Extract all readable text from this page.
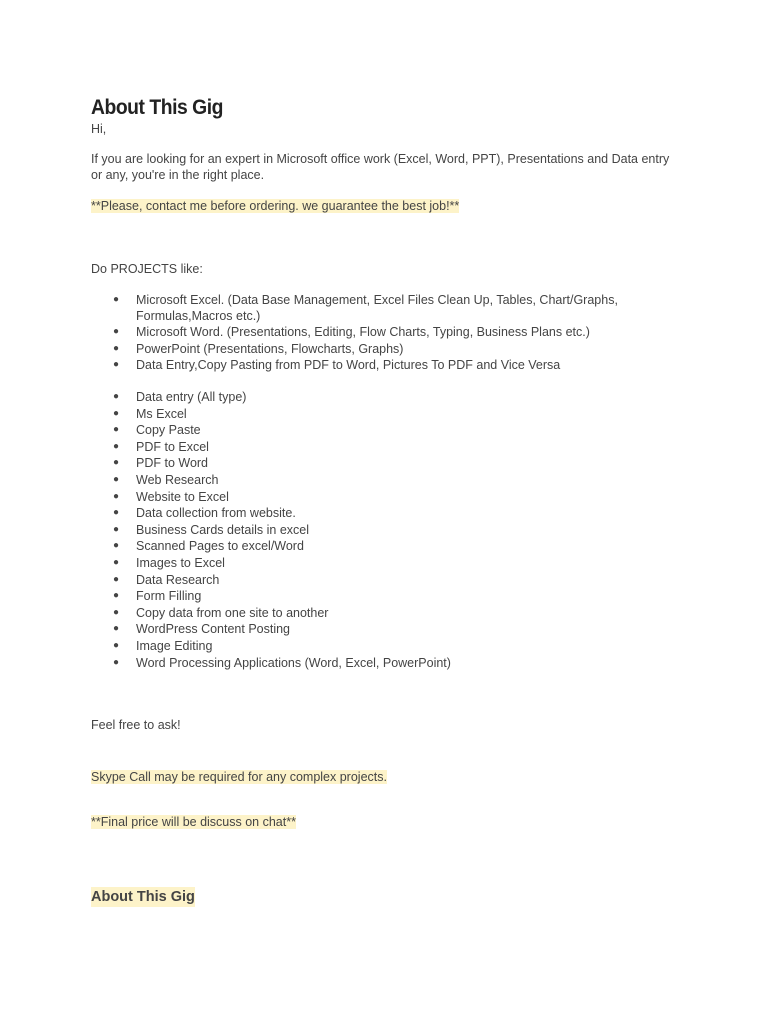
About This Gig

Hi,

If you are looking for an expert in Microsoft office work (Excel, Word, PPT), Presentations and Data entry or any, you're in the right place.

**Please, contact me before ordering. we guarantee the best job!**

Do PROJECTS like:

● Microsoft Excel. (Data Base Management, Excel Files Clean Up, Tables, Chart/Graphs, Formulas,Macros etc.)
● Microsoft Word. (Presentations, Editing, Flow Charts, Typing, Business Plans etc.)
● PowerPoint (Presentations, Flowcharts, Graphs)
● Data Entry,Copy Pasting from PDF to Word, Pictures To PDF and Vice Versa
● Data entry (All type)
● Ms Excel
● Copy Paste
● PDF to Excel
● PDF to Word
● Web Research
● Website to Excel
● Data collection from website.
● Business Cards details in excel
● Scanned Pages to excel/Word
● Images to Excel
● Data Research
● Form Filling
● Copy data from one site to another
● WordPress Content Posting
● Image Editing
● Word Processing Applications (Word, Excel, PowerPoint)

Feel free to ask!

Skype Call may be required for any complex projects.

**Final price will be discuss on chat**

About This Gig
